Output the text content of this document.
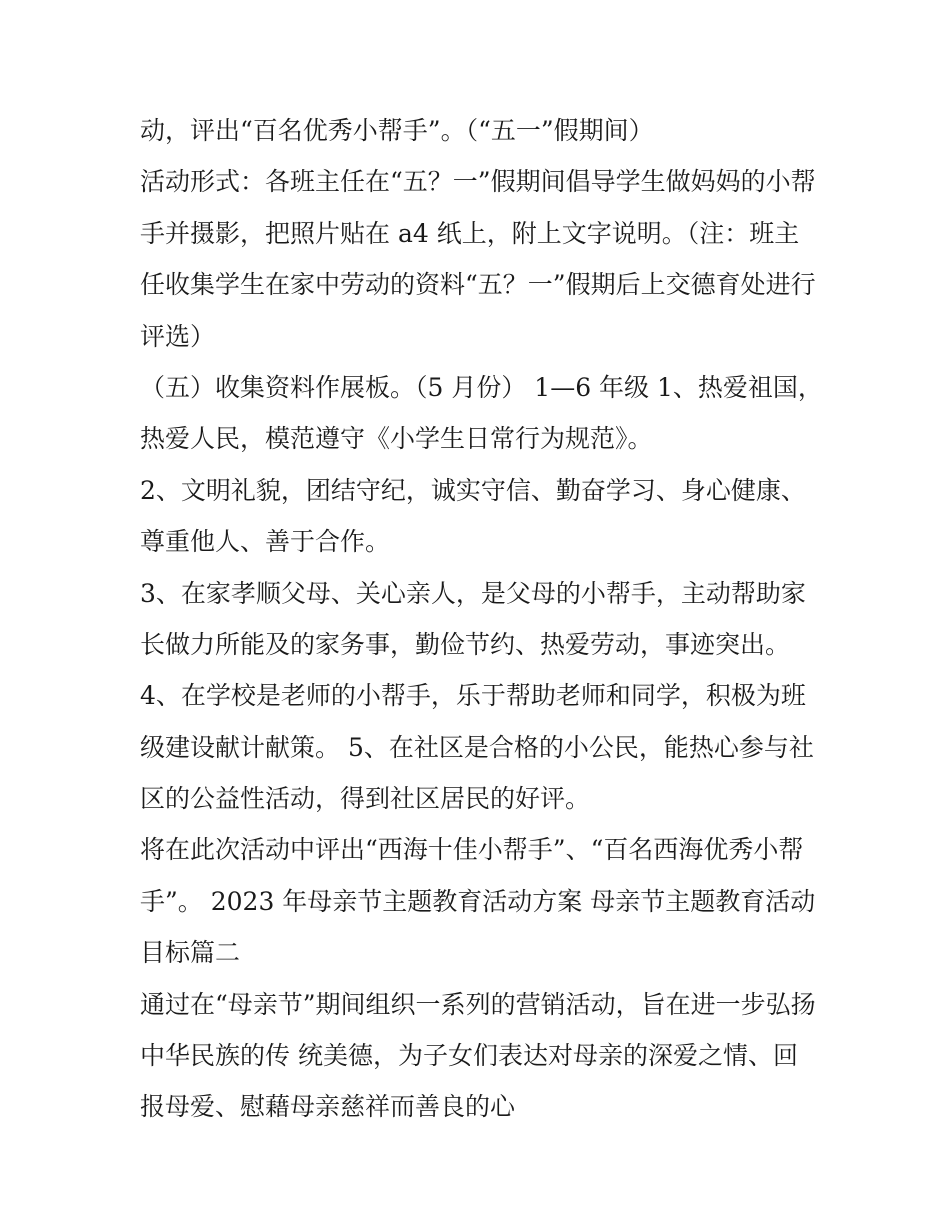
动，评出“百名优秀小帮手”。（“五一”假期间）
活动形式：各班主任在“五？一”假期间倡导学生做妈妈的小帮
手并摄影，把照片贴在 a4 纸上，附上文字说明。（注：班主
任收集学生在家中劳动的资料“五？一”假期后上交德育处进行
评选）
（五）收集资料作展板。（5 月份） 1—6 年级 1、热爱祖国，
热爱人民，模范遵守《小学生日常行为规范》。
2、文明礼貌，团结守纪，诚实守信、勤奋学习、身心健康、
尊重他人、善于合作。
3、在家孝顺父母、关心亲人，是父母的小帮手，主动帮助家
长做力所能及的家务事，勤俭节约、热爱劳动，事迹突出。
4、在学校是老师的小帮手，乐于帮助老师和同学，积极为班
级建设献计献策。 5、在社区是合格的小公民，能热心参与社
区的公益性活动，得到社区居民的好评。
将在此次活动中评出“西海十佳小帮手”、“百名西海优秀小帮
手”。 2023 年母亲节主题教育活动方案 母亲节主题教育活动
目标篇二
通过在“母亲节”期间组织一系列的营销活动，旨在进一步弘扬
中华民族的传 统美德，为子女们表达对母亲的深爱之情、回
报母爱、慰藉母亲慈祥而善良的心
